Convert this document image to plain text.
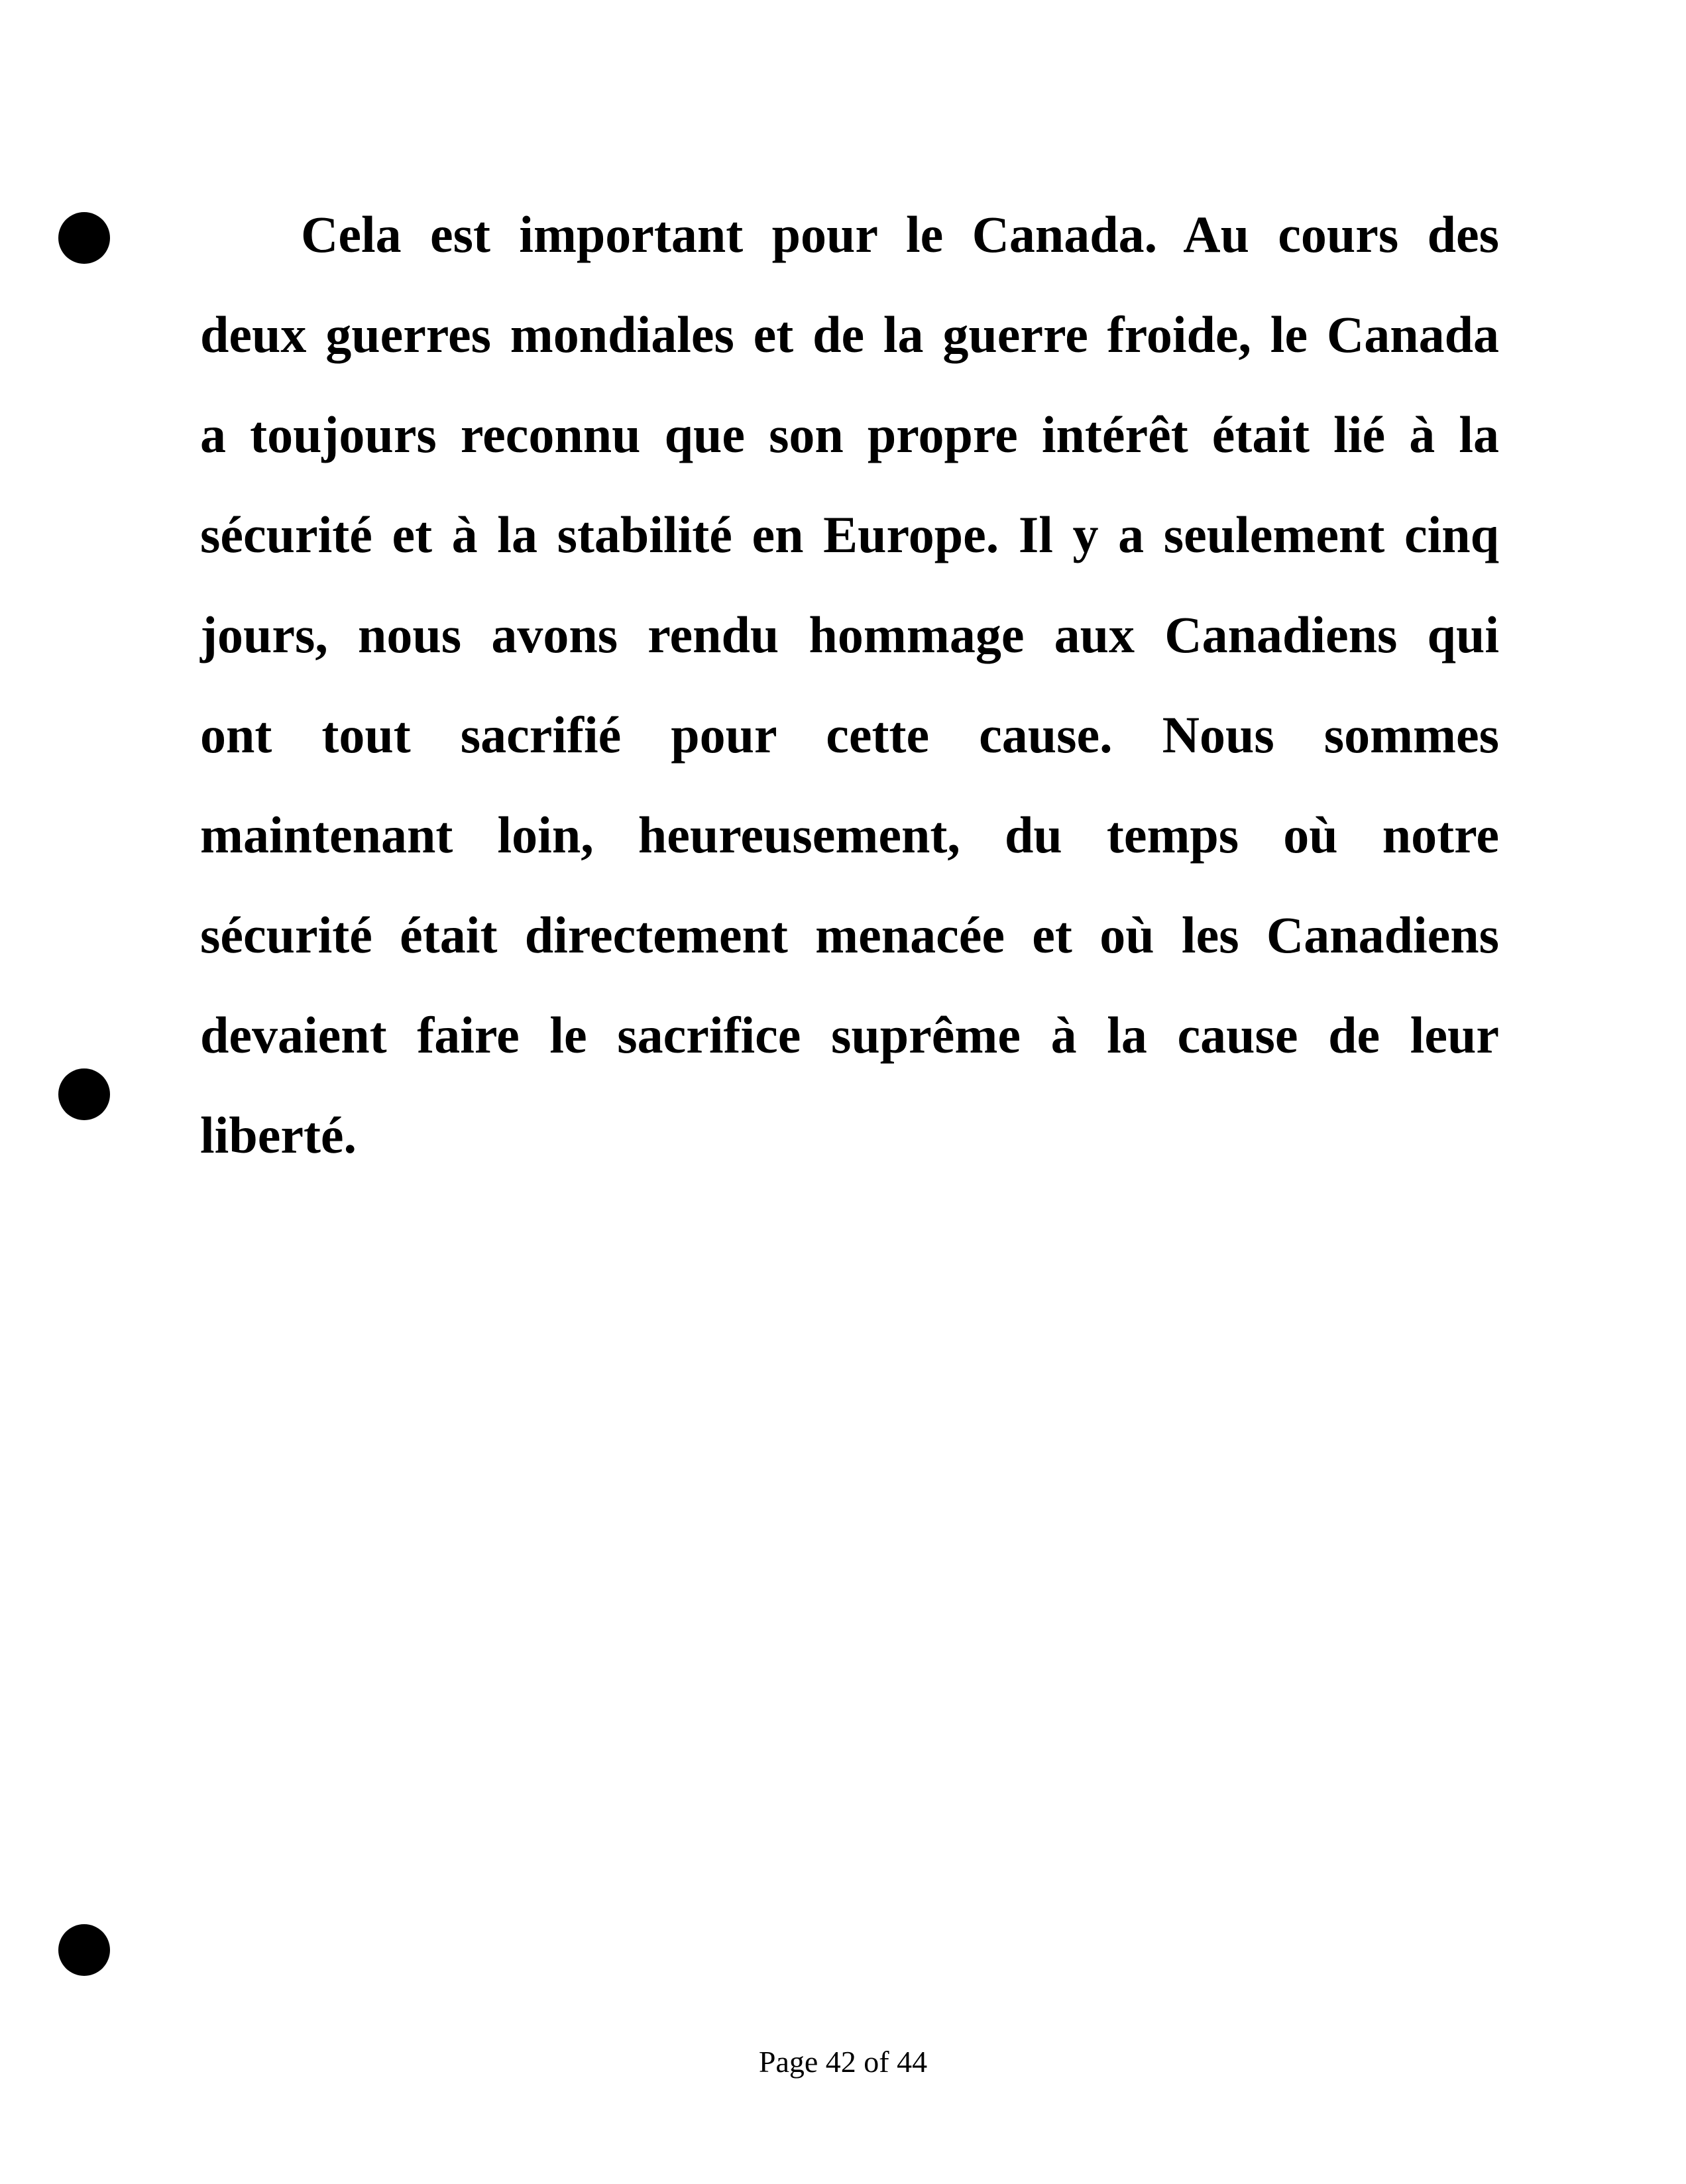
Cela est important pour le Canada. Au cours des
deux guerres mondiales et de la guerre froide, le Canada
a toujours reconnu que son propre intérêt était lié à la
sécurité et à la stabilité en Europe. Il y a seulement cinq
jours, nous avons rendu hommage aux Canadiens qui
ont tout sacrifié pour cette cause. Nous sommes
maintenant loin, heureusement, du temps où notre
sécurité était directement menacée et où les Canadiens
devaient faire le sacrifice suprême à la cause de leur
liberté.
Page 42 of 44
